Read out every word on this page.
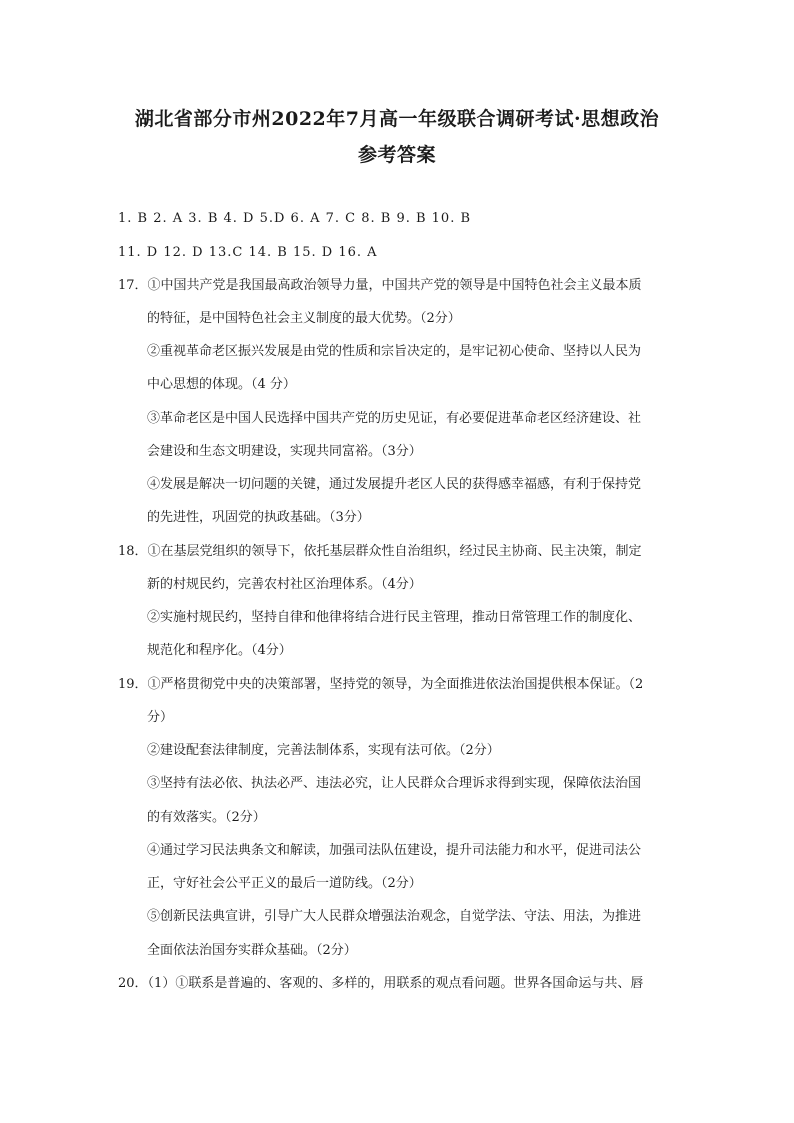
湖北省部分市州2022年7月高一年级联合调研考试·思想政治
参考答案
1. B 2. A 3. B 4. D 5.D 6. A 7. C 8. B 9. B 10. B
11. D 12. D 13.C 14. B 15. D 16. A
17．①中国共产党是我国最高政治领导力量，中国共产党的领导是中国特色社会主义最本质
的特征，是中国特色社会主义制度的最大优势。（2分）
②重视革命老区振兴发展是由党的性质和宗旨决定的，是牢记初心使命、坚持以人民为
中心思想的体现。（4 分）
③革命老区是中国人民选择中国共产党的历史见证，有必要促进革命老区经济建设、社
会建设和生态文明建设，实现共同富裕。（3分）
④发展是解决一切问题的关键，通过发展提升老区人民的获得感幸福感，有利于保持党
的先进性，巩固党的执政基础。（3分）
18．①在基层党组织的领导下，依托基层群众性自治组织，经过民主协商、民主决策，制定
新的村规民约，完善农村社区治理体系。（4分）
②实施村规民约，坚持自律和他律将结合进行民主管理，推动日常管理工作的制度化、
规范化和程序化。（4分）
19．①严格贯彻党中央的决策部署，坚持党的领导，为全面推进依法治国提供根本保证。（2
分）
②建设配套法律制度，完善法制体系，实现有法可依。（2分）
③坚持有法必依、执法必严、违法必究，让人民群众合理诉求得到实现，保障依法治国
的有效落实。（2分）
④通过学习民法典条文和解读，加强司法队伍建设，提升司法能力和水平，促进司法公
正，守好社会公平正义的最后一道防线。（2分）
⑤创新民法典宣讲，引导广大人民群众增强法治观念，自觉学法、守法、用法，为推进
全面依法治国夯实群众基础。（2分）
20．（1）①联系是普遍的、客观的、多样的，用联系的观点看问题。世界各国命运与共、唇
